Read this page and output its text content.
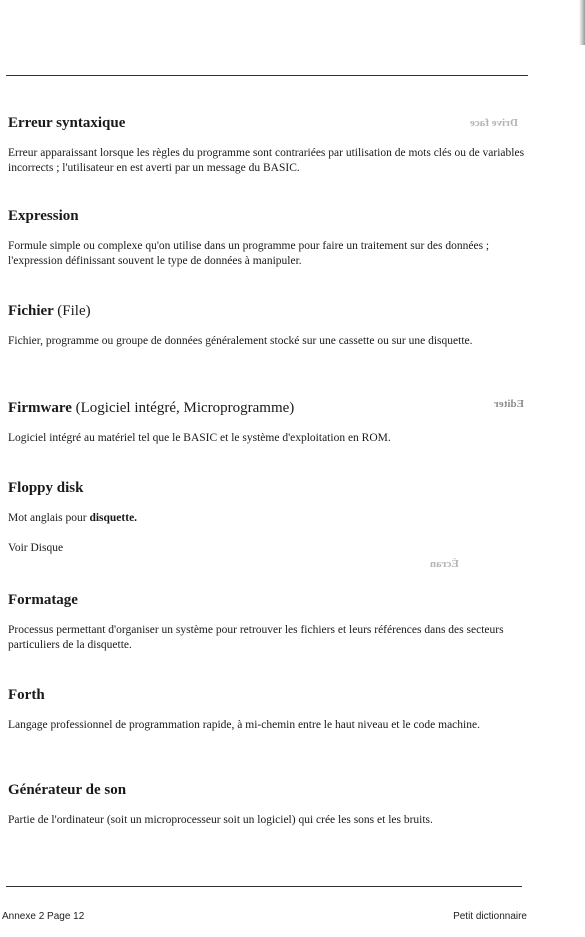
Drive face
Editer
Écran
Erreur syntaxique

Erreur apparaissant lorsque les règles du programme sont contrariées par utilisation de mots clés ou de variables incorrects ; l'utilisateur en est averti par un message du BASIC.

Expression

Formule simple ou complexe qu'on utilise dans un programme pour faire un traitement sur des données ; l'expression définissant souvent le type de données à manipuler.

Fichier (File)

Fichier, programme ou groupe de données généralement stocké sur une cassette ou sur une disquette.

Firmware (Logiciel intégré, Microprogramme)

Logiciel intégré au matériel tel que le BASIC et le système d'exploitation en ROM.

Floppy disk

Mot anglais pour disquette.

Voir Disque

Formatage

Processus permettant d'organiser un système pour retrouver les fichiers et leurs références dans des secteurs particuliers de la disquette.

Forth

Langage professionnel de programmation rapide, à mi-chemin entre le haut niveau et le code machine.

Générateur de son

Partie de l'ordinateur (soit un microprocesseur soit un logiciel) qui crée les sons et les bruits.

Annexe 2 Page 12	Petit dictionnaire
